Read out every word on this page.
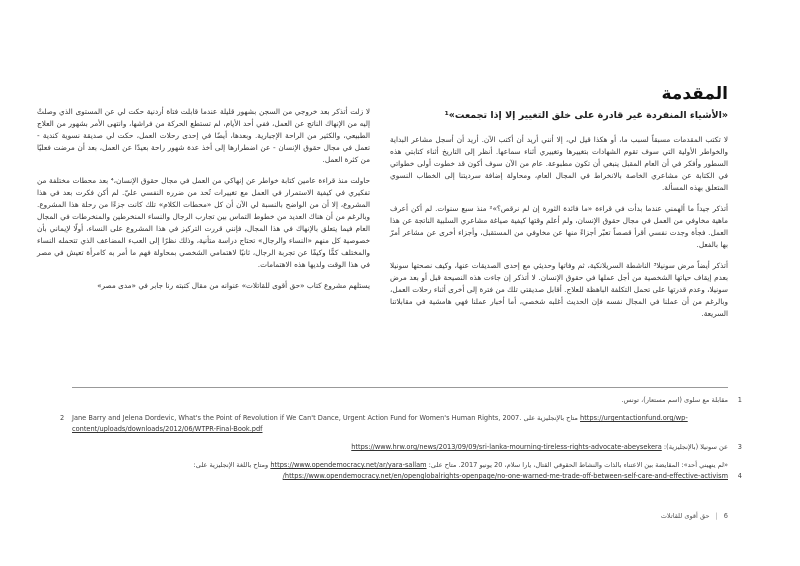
المقدمة
«الأشياء المنفردة غير قادرة على خلق التغيير إلا إذا تجمعت»¹

لا تكتب المقدمات مسبقاً لسبب ما، أو هكذا قيل لي، إلا أنني أريد أن أكتب الآن. أريد أن أسجل مشاعر البداية والخواطر الأولية التي سوف تقوم الشهادات بتغييرها وتغييري أثناء سماعها. أنظر إلى التاريخ أثناء كتابتي هذه السطور وأفكر في أن العام المقبل ينبغي أن تكون مطبوعة. عام من الآن سوف أكون قد خطوت أولى خطواتي في الكتابة عن مشاعري الخاصة بالانخراط في المجال العام، ومحاولة إضافة سرديتنا إلى الخطاب النسوي المتعلق بهذه المسألة.

أتذكر جيداً ما ألهمني عندما بدأت في قراءة «ما فائدة الثورة إن لم نرقص؟»² منذ سبع سنوات. لم أكن أعرف ماهية مخاوفي من العمل في مجال حقوق الإنسان، ولم أعلم وقتها كيفية صياغة مشاعري السلبية الناتجة عن هذا العمل. فجأة وجدت نفسي أقرأ قصصاً تعبّر أجزاءً منها عن مخاوفي من المستقبل، وأجزاء أخرى عن مشاعر أمرّ بها بالفعل.

أتذكر أيضاً مرض سونيلا³ الناشطة السريلانكية، ثم وفاتها وحديثي مع إحدى الصديقات عنها، وكيف نصحتها سونيلا بعدم إيقاف حياتها الشخصية من أجل عملها في حقوق الإنسان. لا أتذكر إن جاءت هذه النصيحة قبل أو بعد مرض سونيلا، وعدم قدرتها على تحمل التكلفة الباهظة للعلاج. أقابل صديقتي تلك من فترة إلى أخرى أثناء رحلات العمل، وبالرغم من أن عملنا في المجال نفسه فإن الحديث أغلبه شخصي، أما أخبار عملنا فهي هامشية في مقابلاتنا السريعة.

لا زلت أتذكر بعد خروجي من السجن بشهور قليلة عندما قابلت فتاة أردنية حكت لي عن المستوى الذي وصلتْ إليه من الإنهاك الناتج عن العمل، ففي أحد الأيام، لم تستطع الحركة من فراشها، وانتهى الأمر بشهور من العلاج الطبيعي، والكثير من الراحة الإجبارية. وبعدها، أيضًا في إحدى رحلات العمل، حكت لي صديقة نسوية كندية - تعمل في مجال حقوق الإنسان - عن اضطرارها إلى أخذ عدة شهور راحة بعيدًا عن العمل، بعد أن مرضت فعليًا من كثرة العمل.

حاولت منذ قراءة عامين كتابة خواطر عن إنهاكي من العمل في مجال حقوق الإنسان،⁴ بعد محطات مختلفة من تفكيري في كيفية الاستمرار في العمل مع تغييرات تُحد من ضرره النفسي عليّ. لم أكن فكرت بعد في هذا المشروع، إلا أن من الواضح بالنسبة لي الآن أن كل «محطات الكلام» تلك كانت جزءًا من رحلة هذا المشروع. وبالرغم من أن هناك العديد من خطوط التماس بين تجارب الرجال والنساء المنخرطين والمنخرطات في المجال العام فيما يتعلق بالإنهاك في هذا المجال، فإنني قررت التركيز في هذا المشروع على النساء، أولًا لإيماني بأن خصوصية كل منهم «النساء والرجال» تحتاج دراسة متأنية، وذلك نظرًا إلى العبء المضاعف الذي تتحمله النساء والمختلف كمًّا وكيفًا عن تجربة الرجال، ثانيًا لاهتمامي الشخصي بمحاولة فهم ما أمر به كامرأة تعيش في مصر في هذا الوقت ولديها هذه الاهتمامات.

يستلهم مشروع كتاب «حق أقوى للقاتلات» عنوانه من مقال كتبته رنا جابر في «مدى مصر»

مقابلة مع سلوى (اسم مستعار)، تونس. 1
2 Jane Barry and Jelena Dordevic, What's the Point of Revolution if We Can't Dance, Urgent Action Fund for Women's Human Rights, 2007. متاح بالإنجليزية على https://urgentactionfund.org/wp-content/uploads/downloads/2012/06/WTPR-Final-Book.pdf
عن سونيلا (بالإنجليزية): https://www.hrw.org/news/2013/09/09/sri-lanka-mourning-tireless-rights-advocate-abeysekera	3
«لم ينهيني أحد»: المقايضة بين الاعتناء بالذات والنشاط الحقوقي القتال، يارا سلام، 20 يونيو 2017. متاح على: https://www.opendemocracy.net/ar/yara-sallam ومتاح باللغة الإنجليزية على: https://www.opendemocracy.net/en/openglobalrights-openpage/no-one-warned-me-trade-off-between-self-care-and-effective-activism/ 4
6|حق أقوى للقاتلات
